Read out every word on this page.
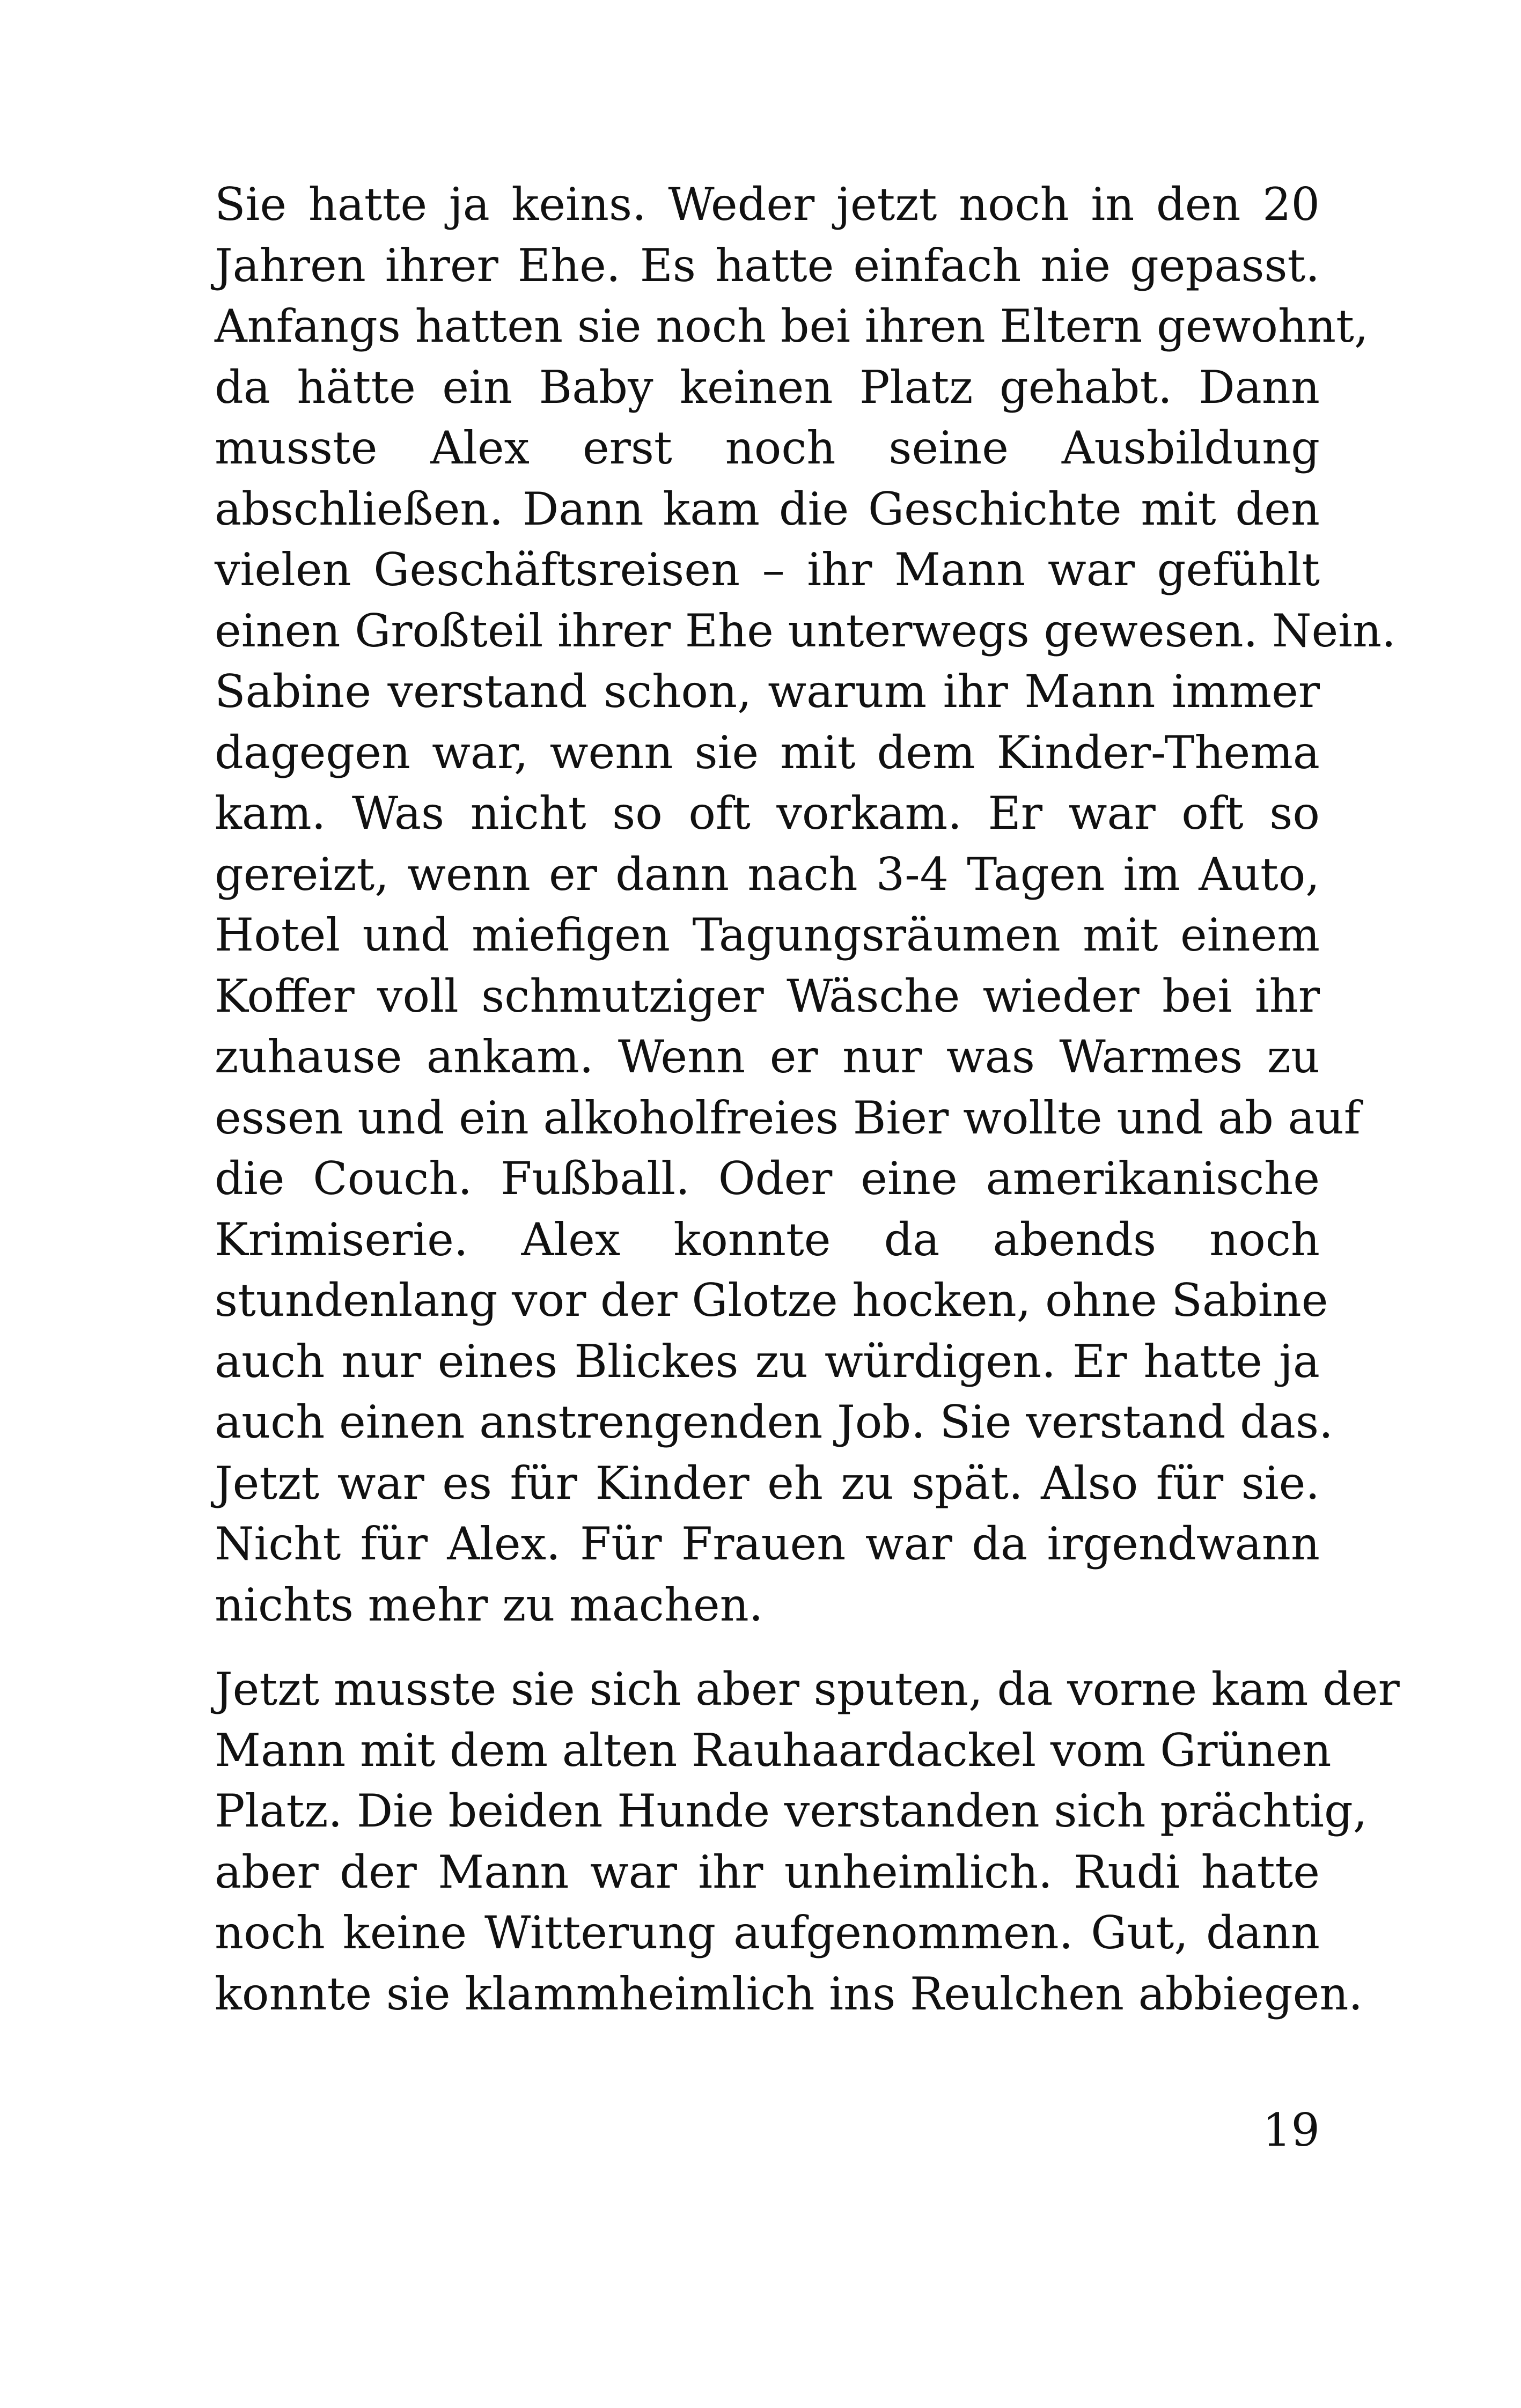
Sie hatte ja keins. Weder jetzt noch in den 20
Jahren ihrer Ehe. Es hatte einfach nie gepasst.
Anfangs hatten sie noch bei ihren Eltern gewohnt,
da hätte ein Baby keinen Platz gehabt. Dann
musste Alex erst noch seine Ausbildung
abschließen. Dann kam die Geschichte mit den
vielen Geschäftsreisen – ihr Mann war gefühlt
einen Großteil ihrer Ehe unterwegs gewesen. Nein.
Sabine verstand schon, warum ihr Mann immer
dagegen war, wenn sie mit dem Kinder-Thema
kam. Was nicht so oft vorkam. Er war oft so
gereizt, wenn er dann nach 3-4 Tagen im Auto,
Hotel und miefigen Tagungsräumen mit einem
Koffer voll schmutziger Wäsche wieder bei ihr
zuhause ankam. Wenn er nur was Warmes zu
essen und ein alkoholfreies Bier wollte und ab auf
die Couch. Fußball. Oder eine amerikanische
Krimiserie. Alex konnte da abends noch
stundenlang vor der Glotze hocken, ohne Sabine
auch nur eines Blickes zu würdigen. Er hatte ja
auch einen anstrengenden Job. Sie verstand das.
Jetzt war es für Kinder eh zu spät. Also für sie.
Nicht für Alex. Für Frauen war da irgendwann
nichts mehr zu machen.

Jetzt musste sie sich aber sputen, da vorne kam der
Mann mit dem alten Rauhaardackel vom Grünen
Platz. Die beiden Hunde verstanden sich prächtig,
aber der Mann war ihr unheimlich. Rudi hatte
noch keine Witterung aufgenommen. Gut, dann
konnte sie klammheimlich ins Reulchen abbiegen.

19
